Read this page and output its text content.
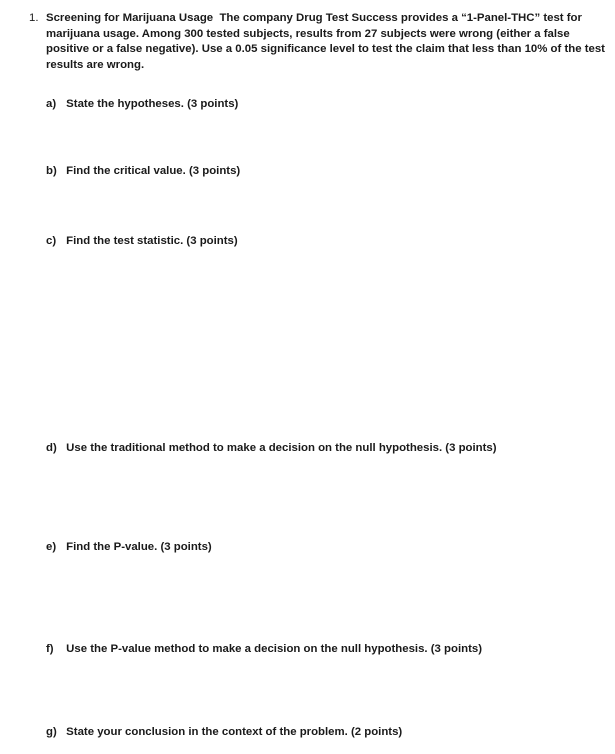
1. Screening for Marijuana Usage The company Drug Test Success provides a “1-Panel-THC” test for marijuana usage. Among 300 tested subjects, results from 27 subjects were wrong (either a false positive or a false negative). Use a 0.05 significance level to test the claim that less than 10% of the test results are wrong.
a) State the hypotheses. (3 points)
b) Find the critical value. (3 points)
c) Find the test statistic. (3 points)
d) Use the traditional method to make a decision on the null hypothesis. (3 points)
e) Find the P-value. (3 points)
f) Use the P-value method to make a decision on the null hypothesis. (3 points)
g) State your conclusion in the context of the problem. (2 points)
